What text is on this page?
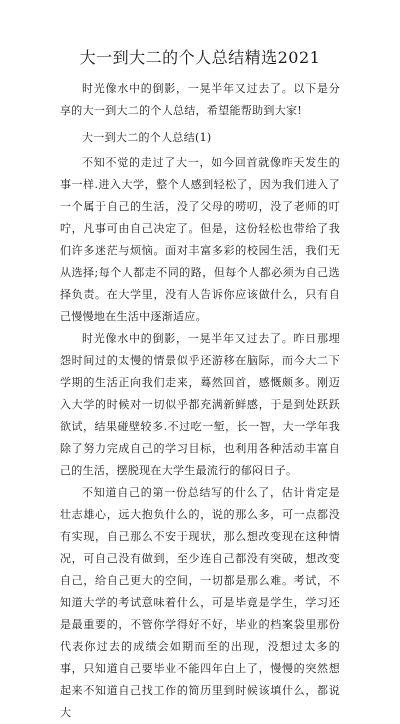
大一到大二的个人总结精选2021

时光像水中的倒影，一晃半年又过去了。以下是分享的大一到大二的个人总结，希望能帮助到大家!

大一到大二的个人总结(1)

不知不觉的走过了大一，如今回首就像昨天发生的事一样.进入大学，整个人感到轻松了，因为我们进入了一个属于自己的生活，没了父母的唠叨，没了老师的叮咛，凡事可由自己决定了。但是，这份轻松也带给了我们许多迷茫与烦恼。面对丰富多彩的校园生活，我们无从选择;每个人都走不同的路，但每个人都必须为自己选择负责。在大学里，没有人告诉你应该做什么，只有自己慢慢地在生活中逐渐适应。

时光像水中的倒影，一晃半年又过去了。昨日那埋怨时间过的太慢的情景似乎还游移在脑际，而今大二下学期的生活正向我们走来，蓦然回首，感慨颇多。刚迈入大学的时候对一切似乎都充满新鲜感，于是到处跃跃欲试，结果碰壁较多.不过吃一堑，长一智，大一学年我除了努力完成自己的学习目标，也利用各种活动丰富自己的生活，摆脱现在大学生最流行的郁闷日子。

不知道自己的第一份总结写的什么了，估计肯定是壮志雄心，远大抱负什么的，说的那么多，可一点都没有实现，自己那么不安于现状，那么想改变现在这种情况，可自己没有做到，至少连自己都没有突破，想改变自己，给自己更大的空间，一切都是那么难。考试，不知道大学的考试意味着什么，可是毕竟是学生，学习还是最重要的，不管你学得好不好，毕业的档案袋里那份代表你过去的成绩会如期而至的出现，没想过太多的事，只知道自己要毕业不能四年白上了，慢慢的突然想起来不知道自己找工作的简历里到时候该填什么，都说大
